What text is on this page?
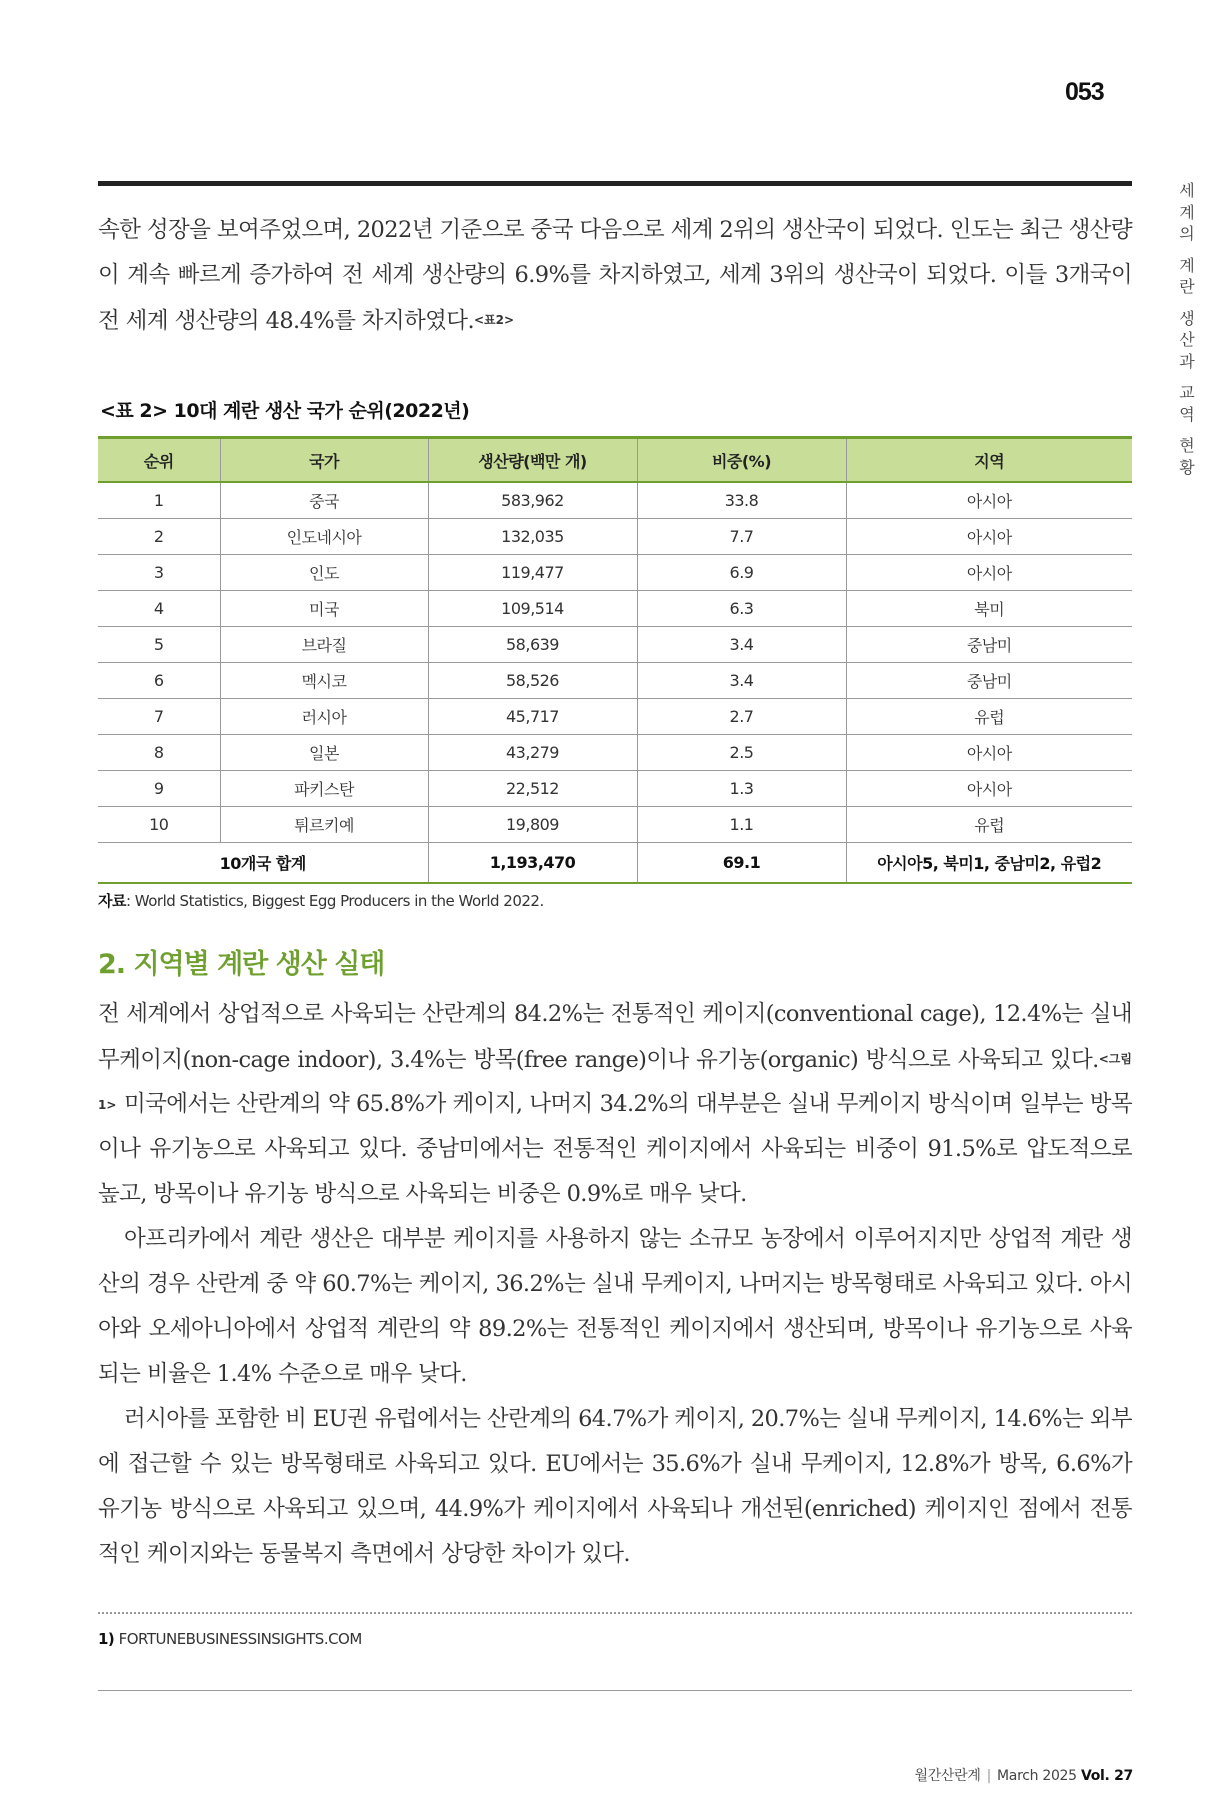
053
세
계
의
계
란
생
산
과
교
역
현
황
속한 성장을 보여주었으며, 2022년 기준으로 중국 다음으로 세계 2위의 생산국이 되었다. 인도는 최근 생산량이 계속 빠르게 증가하여 전 세계 생산량의 6.9%를 차지하였고, 세계 3위의 생산국이 되었다. 이들 3개국이 전 세계 생산량의 48.4%를 차지하였다.<표2>
<표 2> 10대 계란 생산 국가 순위(2022년)
순위	국가	생산량(백만 개)	비중(%)	지역
1	중국	583,962	33.8	아시아
2	인도네시아	132,035	7.7	아시아
3	인도	119,477	6.9	아시아
4	미국	109,514	6.3	북미
5	브라질	58,639	3.4	중남미
6	멕시코	58,526	3.4	중남미
7	러시아	45,717	2.7	유럽
8	일본	43,279	2.5	아시아
9	파키스탄	22,512	1.3	아시아
10	튀르키예	19,809	1.1	유럽
10개국 합계		1,193,470	69.1	아시아5, 북미1, 중남미2, 유럽2
자료: World Statistics, Biggest Egg Producers in the World 2022.
2. 지역별 계란 생산 실태
전 세계에서 상업적으로 사육되는 산란계의 84.2%는 전통적인 케이지(conventional cage), 12.4%는 실내 무케이지(non-cage indoor), 3.4%는 방목(free range)이나 유기농(organic) 방식으로 사육되고 있다.<그림 1> 미국에서는 산란계의 약 65.8%가 케이지, 나머지 34.2%의 대부분은 실내 무케이지 방식이며 일부는 방목이나 유기농으로 사육되고 있다. 중남미에서는 전통적인 케이지에서 사육되는 비중이 91.5%로 압도적으로 높고, 방목이나 유기농 방식으로 사육되는 비중은 0.9%로 매우 낮다.
아프리카에서 계란 생산은 대부분 케이지를 사용하지 않는 소규모 농장에서 이루어지지만 상업적 계란 생산의 경우 산란계 중 약 60.7%는 케이지, 36.2%는 실내 무케이지, 나머지는 방목형태로 사육되고 있다. 아시아와 오세아니아에서 상업적 계란의 약 89.2%는 전통적인 케이지에서 생산되며, 방목이나 유기농으로 사육되는 비율은 1.4% 수준으로 매우 낮다.
러시아를 포함한 비 EU권 유럽에서는 산란계의 64.7%가 케이지, 20.7%는 실내 무케이지, 14.6%는 외부에 접근할 수 있는 방목형태로 사육되고 있다. EU에서는 35.6%가 실내 무케이지, 12.8%가 방목, 6.6%가 유기농 방식으로 사육되고 있으며, 44.9%가 케이지에서 사육되나 개선된(enriched) 케이지인 점에서 전통적인 케이지와는 동물복지 측면에서 상당한 차이가 있다.
1) FORTUNEBUSINESSINSIGHTS.COM
월간산란계 | March 2025 Vol. 27
